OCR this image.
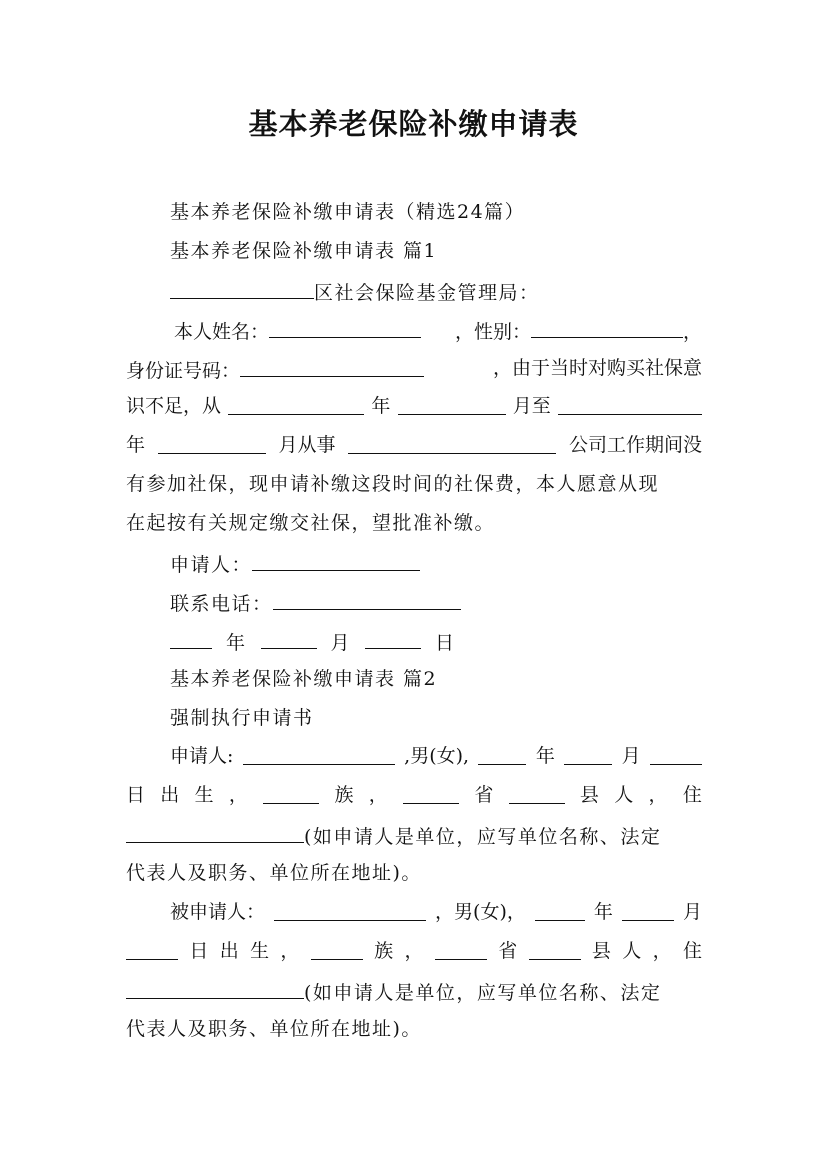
基本养老保险补缴申请表
基本养老保险补缴申请表（精选24篇）
基本养老保险补缴申请表 篇1
区社会保险基金管理局：
本人姓名：	，性别：	，
身份证号码：	，由于当时对购买社保意
识不足，从	年	月至
年	月从事	公司工作期间没
有参加社保，现申请补缴这段时间的社保费，本人愿意从现
在起按有关规定缴交社保，望批准补缴。
申请人：
联系电话：
年	月	日
基本养老保险补缴申请表 篇2
强制执行申请书
申请人:	,男(女),	年	月
日 出 生 ，	族 ，	省	县 人 ， 住
(如申请人是单位，应写单位名称、法定
代表人及职务、单位所在地址)。
被申请人：	，男(女)，	年	月
日 出 生 ，	族 ，	省	县 人 ， 住
(如申请人是单位，应写单位名称、法定
代表人及职务、单位所在地址)。
